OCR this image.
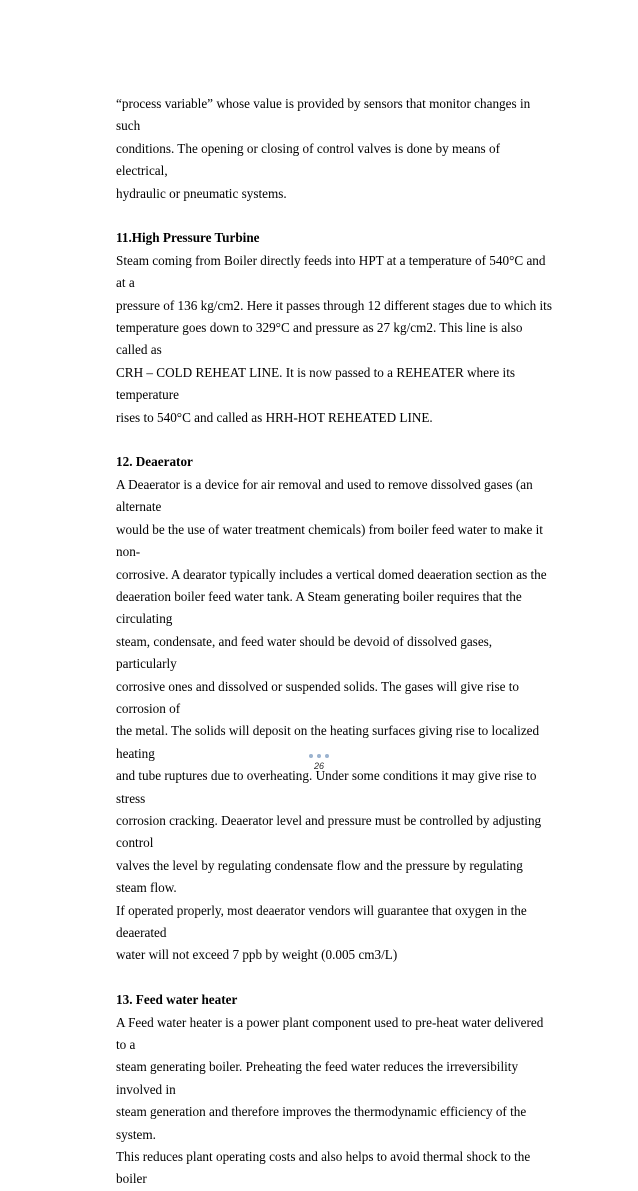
“process variable” whose value is provided by sensors that monitor changes in such

conditions. The opening or closing of control valves is done by means of electrical,

hydraulic or pneumatic systems.

11.High Pressure Turbine

Steam coming from Boiler directly feeds into HPT at a temperature of 540°C and at a

pressure of 136 kg/cm2. Here it passes through 12 different stages due to which its

temperature goes down to 329°C and pressure as 27 kg/cm2. This line is also called as

CRH – COLD REHEAT LINE. It is now passed to a REHEATER where its temperature

rises to 540°C and called as HRH-HOT REHEATED LINE.

12. Deaerator

A Deaerator is a device for air removal and used to remove dissolved gases (an alternate

would be the use of water treatment chemicals) from boiler feed water to make it non-

corrosive. A dearator typically includes a vertical domed deaeration section as the

deaeration boiler feed water tank. A Steam generating boiler requires that the circulating

steam, condensate, and feed water should be devoid of dissolved gases, particularly

corrosive ones and dissolved or suspended solids. The gases will give rise to corrosion of

the metal. The solids will deposit on the heating surfaces giving rise to localized heating

and tube ruptures due to overheating. Under some conditions it may give rise to stress

corrosion cracking. Deaerator level and pressure must be controlled by adjusting control

valves the level by regulating condensate flow and the pressure by regulating steam flow.

If operated properly, most deaerator vendors will guarantee that oxygen in the deaerated

water will not exceed 7 ppb by weight (0.005 cm3/L)

13. Feed water heater

A Feed water heater is a power plant component used to pre-heat water delivered to a

steam generating boiler. Preheating the feed water reduces the irreversibility involved in

steam generation and therefore improves the thermodynamic efficiency of the system.

This reduces plant operating costs and also helps to avoid thermal shock to the boiler

26
